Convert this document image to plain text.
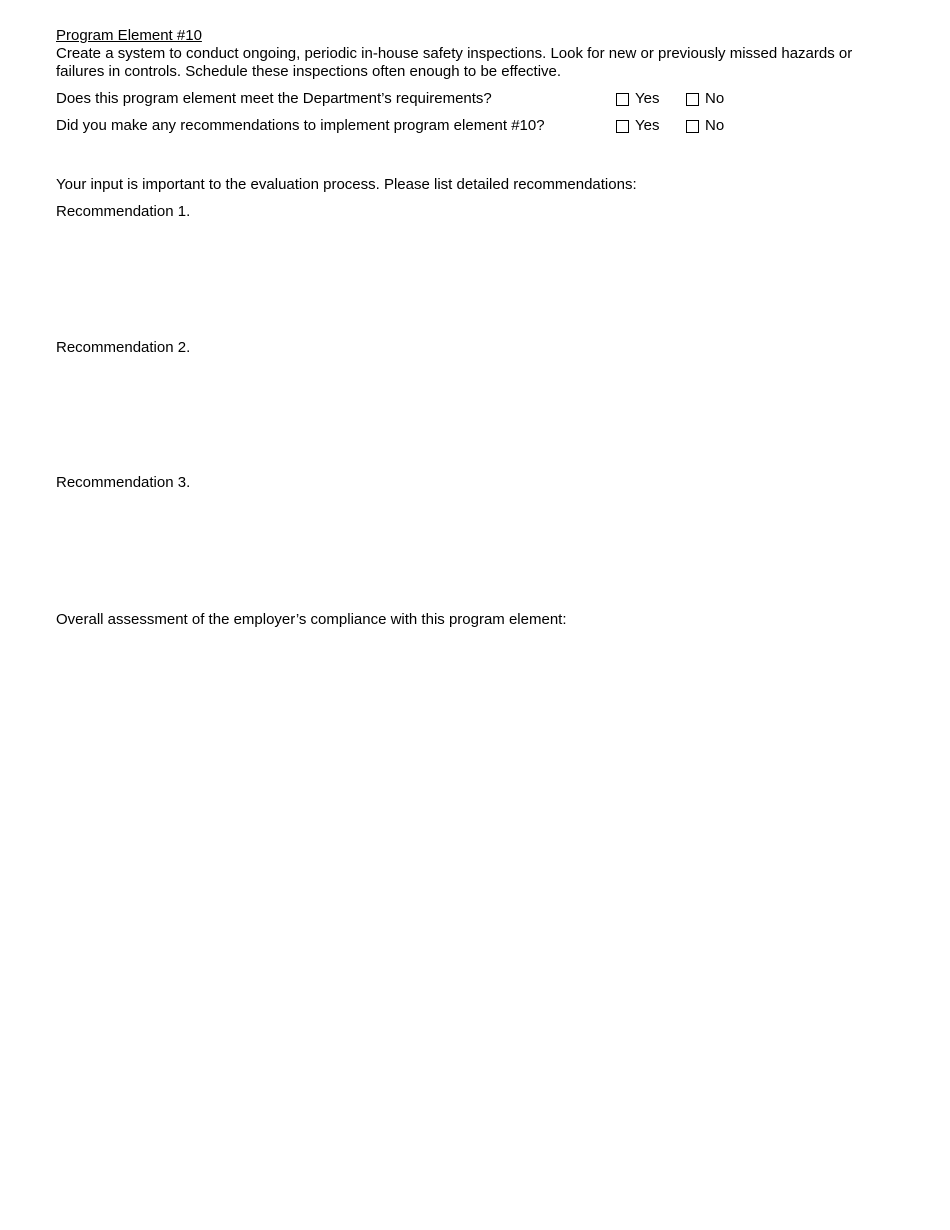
Program Element #10

Create a system to conduct ongoing, periodic in-house safety inspections. Look for new or previously missed hazards or
failures in controls. Schedule these inspections often enough to be effective.

Does this program element meet the Department’s requirements?	Yes	No
Did you make any recommendations to implement program element #10?	Yes	No
Your input is important to the evaluation process. Please list detailed recommendations:
Recommendation 1.
Recommendation 2.
Recommendation 3.
Overall assessment of the employer’s compliance with this program element:
